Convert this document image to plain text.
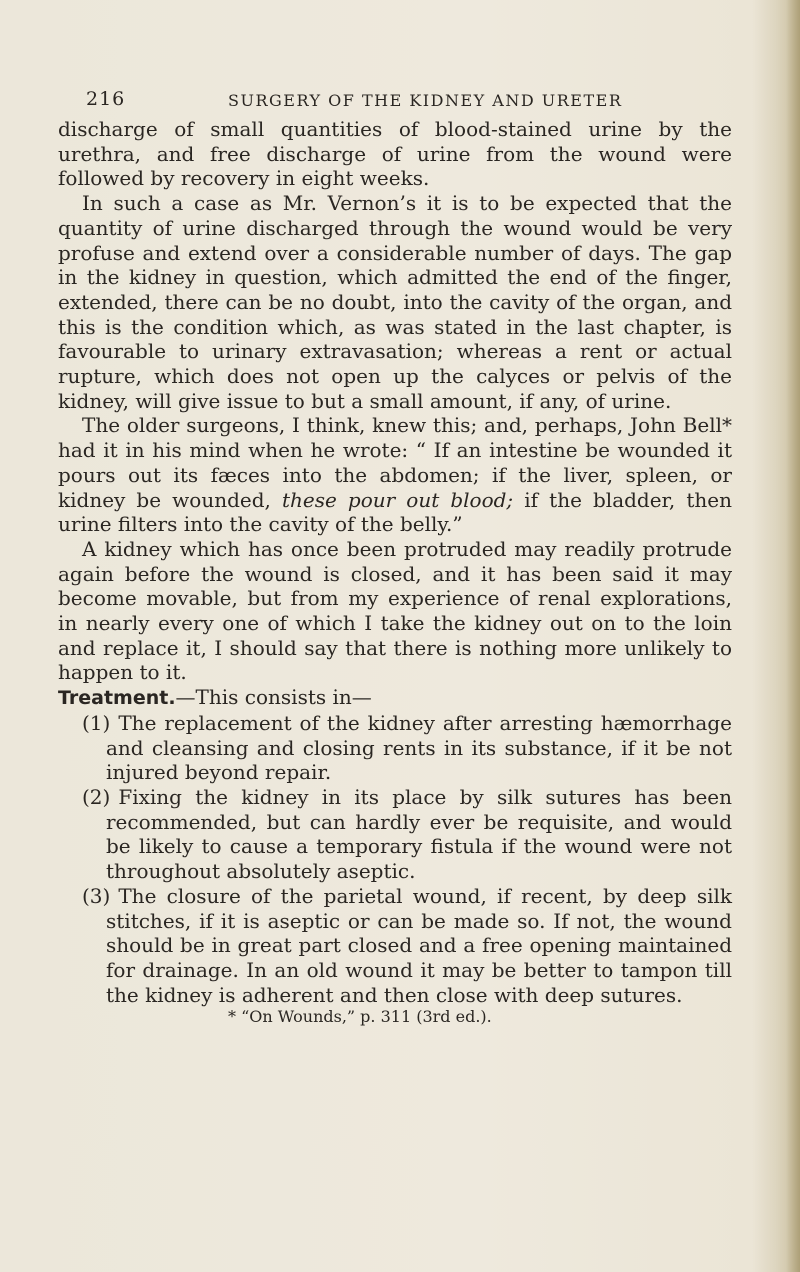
216	SURGERY OF THE KIDNEY AND URETER

discharge of small quantities of blood-stained urine by the urethra, and free discharge of urine from the wound were followed by recovery in eight weeks.

In such a case as Mr. Vernon’s it is to be expected that the quantity of urine discharged through the wound would be very profuse and extend over a considerable number of days. The gap in the kidney in question, which admitted the end of the finger, extended, there can be no doubt, into the cavity of the organ, and this is the condition which, as was stated in the last chapter, is favourable to urinary extravasation; whereas a rent or actual rupture, which does not open up the calyces or pelvis of the kidney, will give issue to but a small amount, if any, of urine.

The older surgeons, I think, knew this; and, perhaps, John Bell* had it in his mind when he wrote: “ If an intestine be wounded it pours out its fæces into the abdomen; if the liver, spleen, or kidney be wounded, these pour out blood; if the bladder, then urine filters into the cavity of the belly.”

A kidney which has once been protruded may readily protrude again before the wound is closed, and it has been said it may become movable, but from my experience of renal explorations, in nearly every one of which I take the kidney out on to the loin and replace it, I should say that there is nothing more unlikely to happen to it.

Treatment.—This consists in—

(1) The replacement of the kidney after arresting hæmorrhage and cleansing and closing rents in its substance, if it be not injured beyond repair.

(2) Fixing the kidney in its place by silk sutures has been recommended, but can hardly ever be requisite, and would be likely to cause a temporary fistula if the wound were not throughout absolutely aseptic.

(3) The closure of the parietal wound, if recent, by deep silk stitches, if it is aseptic or can be made so. If not, the wound should be in great part closed and a free opening maintained for drainage. In an old wound it may be better to tampon till the kidney is adherent and then close with deep sutures.

* “On Wounds,” p. 311 (3rd ed.).
